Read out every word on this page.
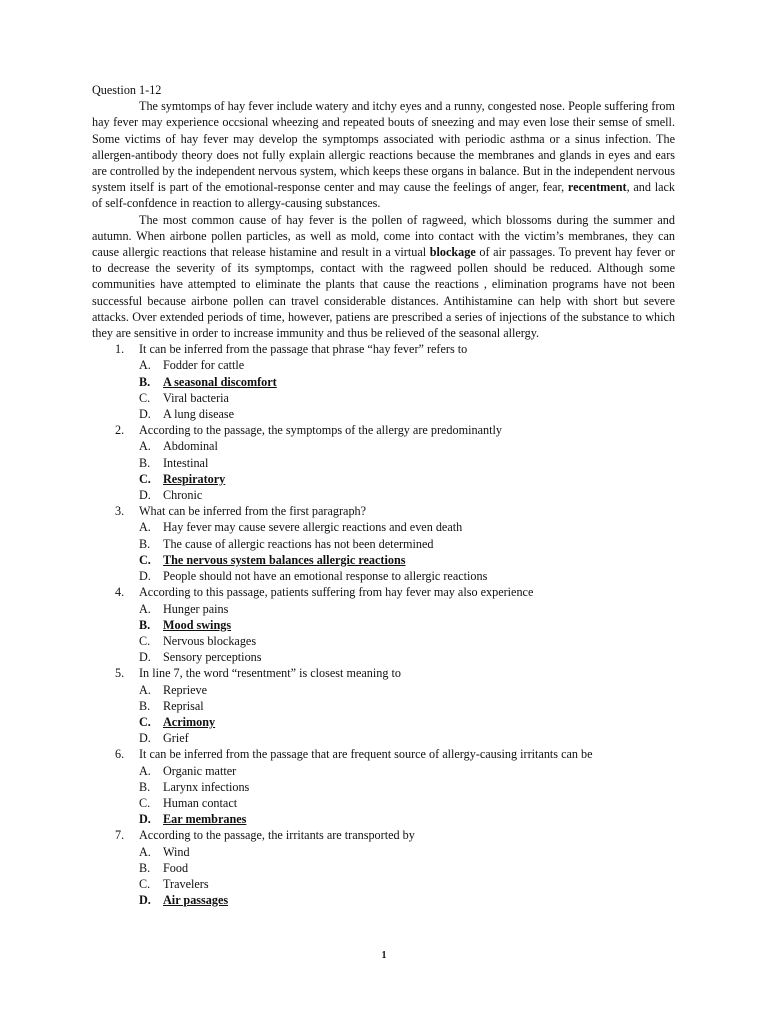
Question 1-12

The symtomps of hay fever include watery and itchy eyes and a runny, congested nose. People suffering from hay fever may experience occsional wheezing and repeated bouts of sneezing and may even lose their semse of smell. Some victims of hay fever may develop the symptomps associated with periodic asthma or a sinus infection. The allergen-antibody theory does not fully explain allergic reactions because the membranes and glands in eyes and ears are controlled by the independent nervous system, which keeps these organs in balance. But in the independent nervous system itself is part of the emotional-response center and may cause the feelings of anger, fear, recentment, and lack of self-confdence in reaction to allergy-causing substances.

The most common cause of hay fever is the pollen of ragweed, which blossoms during the summer and autumn. When airbone pollen particles, as well as mold, come into contact with the victim’s membranes, they can cause allergic reactions that release histamine and result in a virtual blockage of air passages. To prevent hay fever or to decrease the severity of its symptomps, contact with the ragweed pollen should be reduced. Although some communities have attempted to eliminate the plants that cause the reactions , elimination programs have not been successful because airbone pollen can travel considerable distances. Antihistamine can help with short but severe attacks. Over extended periods of time, however, patiens are prescribed a series of injections of the substance to which they are sensitive in order to increase immunity and thus be relieved of the seasonal allergy.

1.	It can be inferred from the passage that phrase “hay fever” refers to
A. Fodder for cattle
B. A seasonal discomfort
C. Viral bacteria
D. A lung disease
2.	According to the passage, the symptomps of the allergy are predominantly
A. Abdominal
B. Intestinal
C. Respiratory
D. Chronic
3.	What can be inferred from the first paragraph?
A. Hay fever may cause severe allergic reactions and even death
B. The cause of allergic reactions has not been determined
C. The nervous system balances allergic reactions
D. People should not have an emotional response to allergic reactions
4.	According to this passage, patients suffering from hay fever may also experience
A. Hunger pains
B. Mood swings
C. Nervous blockages
D. Sensory perceptions
5.	In line 7, the word “resentment” is closest meaning to
A. Reprieve
B. Reprisal
C. Acrimony
D. Grief
6.	It can be inferred from the passage that are frequent source of allergy-causing irritants can be
A. Organic matter
B. Larynx infections
C. Human contact
D. Ear membranes
7.	According to the passage, the irritants are transported by
A. Wind
B. Food
C. Travelers
D. Air passages
1
